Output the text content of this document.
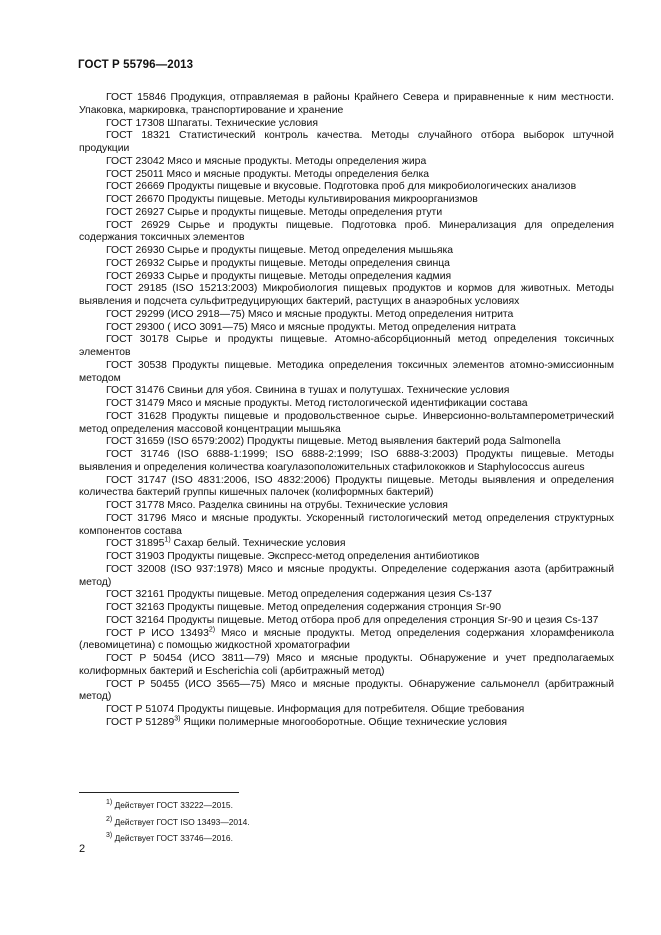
ГОСТ Р 55796—2013

ГОСТ 15846 Продукция, отправляемая в районы Крайнего Севера и приравненные к ним местности. Упаковка, маркировка, транспортирование и хранение

ГОСТ 17308 Шпагаты. Технические условия

ГОСТ 18321 Статистический контроль качества. Методы случайного отбора выборок штучной продукции

ГОСТ 23042 Мясо и мясные продукты. Методы определения жира

ГОСТ 25011 Мясо и мясные продукты. Методы определения белка

ГОСТ 26669 Продукты пищевые и вкусовые. Подготовка проб для микробиологических анализов

ГОСТ 26670 Продукты пищевые. Методы культивирования микроорганизмов

ГОСТ 26927 Сырье и продукты пищевые. Методы определения ртути

ГОСТ 26929 Сырье и продукты пищевые. Подготовка проб. Минерализация для определения содержания токсичных элементов

ГОСТ 26930 Сырье и продукты пищевые. Метод определения мышьяка

ГОСТ 26932 Сырье и продукты пищевые. Методы определения свинца

ГОСТ 26933 Сырье и продукты пищевые. Методы определения кадмия

ГОСТ 29185 (ISO 15213:2003) Микробиология пищевых продуктов и кормов для животных. Методы выявления и подсчета сульфитредуцирующих бактерий, растущих в анаэробных условиях

ГОСТ 29299 (ИСО 2918—75) Мясо и мясные продукты. Метод определения нитрита

ГОСТ 29300 ( ИСО 3091—75) Мясо и мясные продукты. Метод определения нитрата

ГОСТ 30178 Сырье и продукты пищевые. Атомно-абсорбционный метод определения токсичных элементов

ГОСТ 30538 Продукты пищевые. Методика определения токсичных элементов атомно-эмиссионным методом

ГОСТ 31476 Свиньи для убоя. Свинина в тушах и полутушах. Технические условия

ГОСТ 31479 Мясо и мясные продукты. Метод гистологической идентификации состава

ГОСТ 31628 Продукты пищевые и продовольственное сырье. Инверсионно-вольтамперометрический метод определения массовой концентрации мышьяка

ГОСТ 31659 (ISO 6579:2002) Продукты пищевые. Метод выявления бактерий рода Salmonella

ГОСТ 31746 (ISO 6888-1:1999; ISO 6888-2:1999; ISO 6888-3:2003) Продукты пищевые. Методы выявления и определения количества коагулазоположительных стафилококков и Staphylococcus aureus

ГОСТ 31747 (ISO 4831:2006, ISO 4832:2006) Продукты пищевые. Методы выявления и определения количества бактерий группы кишечных палочек (колиформных бактерий)

ГОСТ 31778 Мясо. Разделка свинины на отрубы. Технические условия

ГОСТ 31796 Мясо и мясные продукты. Ускоренный гистологический метод определения структурных компонентов состава

ГОСТ 31895$^{1)}$ Сахар белый. Технические условия

ГОСТ 31903 Продукты пищевые. Экспресс-метод определения антибиотиков

ГОСТ 32008 (ISO 937:1978) Мясо и мясные продукты. Определение содержания азота (арбитражный метод)

ГОСТ 32161 Продукты пищевые. Метод определения содержания цезия Cs-137

ГОСТ 32163 Продукты пищевые. Метод определения содержания стронция Sr-90

ГОСТ 32164 Продукты пищевые. Метод отбора проб для определения стронция Sr-90 и цезия Cs-137

ГОСТ Р ИСО 13493$^{2)}$ Мясо и мясные продукты. Метод определения содержания хлорамфеникола (левомицетина) с помощью жидкостной хроматографии

ГОСТ Р 50454 (ИСО 3811—79) Мясо и мясные продукты. Обнаружение и учет предполагаемых колиформных бактерий и Escherichia coli (арбитражный метод)

ГОСТ Р 50455 (ИСО 3565—75) Мясо и мясные продукты. Обнаружение сальмонелл (арбитражный метод)

ГОСТ Р 51074 Продукты пищевые. Информация для потребителя. Общие требования

ГОСТ Р 51289$^{3)}$ Ящики полимерные многооборотные. Общие технические условия

$^{1)}$ Действует ГОСТ 33222—2015.

$^{2)}$ Действует ГОСТ ISO 13493—2014.

$^{3)}$ Действует ГОСТ 33746—2016.

2
